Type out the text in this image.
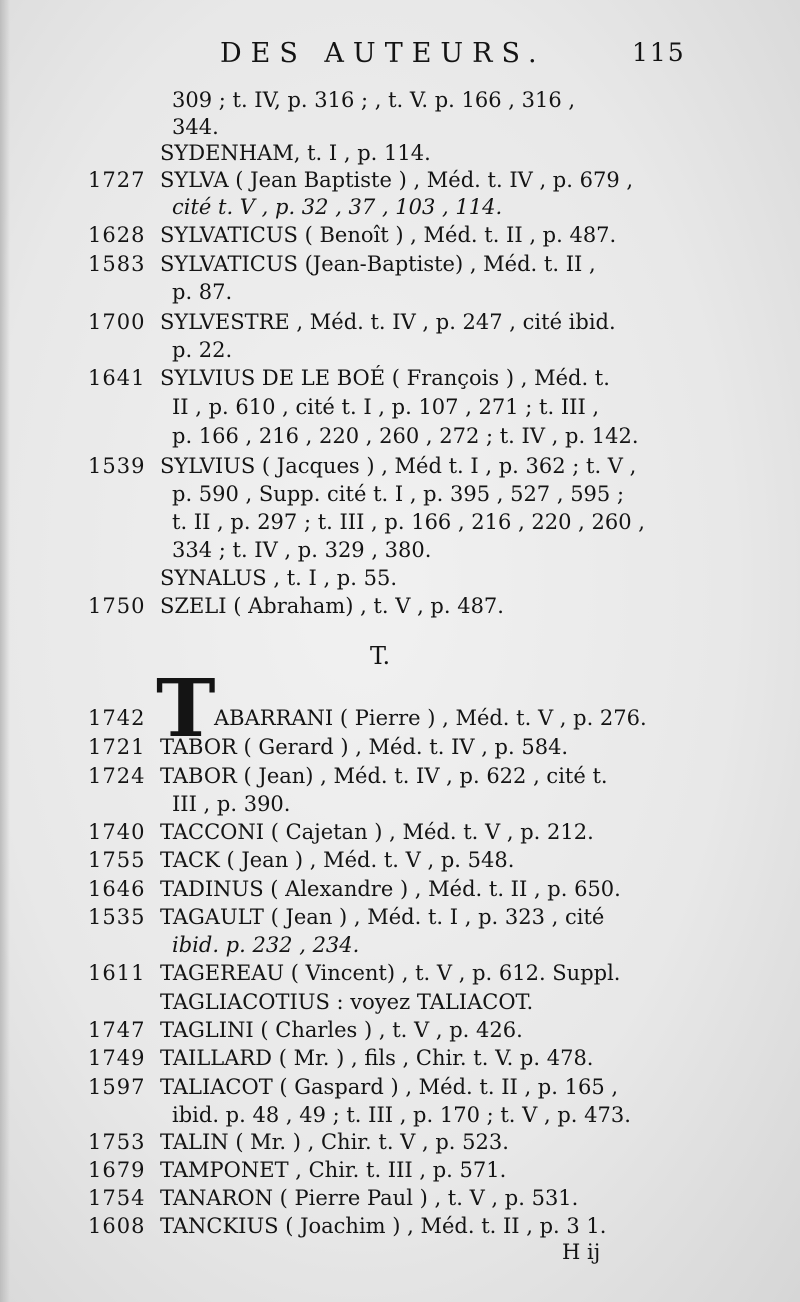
DES AUTEURS.	115
309 ; t. IV, p. 316 ; , t. V. p. 166 , 316 ,
344.
SYDENHAM, t. I , p. 114.
1727 SYLVA ( Jean Baptiste ) , Méd. t. IV , p. 679 ,
cité t. V , p. 32 , 37 , 103 , 114.
1628 SYLVATICUS ( Benoît ) , Méd. t. II , p. 487.
1583 SYLVATICUS (Jean-Baptiste) , Méd. t. II ,
p. 87.
1700 SYLVESTRE , Méd. t. IV , p. 247 , cité ibid.
p. 22.
1641 SYLVIUS DE LE BOÉ ( François ) , Méd. t.
II , p. 610 , cité t. I , p. 107 , 271 ; t. III ,
p. 166 , 216 , 220 , 260 , 272 ; t. IV , p. 142.
1539 SYLVIUS ( Jacques ) , Méd t. I , p. 362 ; t. V ,
p. 590 , Supp. cité t. I , p. 395 , 527 , 595 ;
t. II , p. 297 ; t. III , p. 166 , 216 , 220 , 260 ,
334 ; t. IV , p. 329 , 380.
SYNALUS , t. I , p. 55.
1750 SZELI ( Abraham) , t. V , p. 487.
T.
T
1742	ABARRANI ( Pierre ) , Méd. t. V , p. 276.
1721 TABOR ( Gerard ) , Méd. t. IV , p. 584.
1724 TABOR ( Jean) , Méd. t. IV , p. 622 , cité t.
III , p. 390.
1740 TACCONI ( Cajetan ) , Méd. t. V , p. 212.
1755 TACK ( Jean ) , Méd. t. V , p. 548.
1646 TADINUS ( Alexandre ) , Méd. t. II , p. 650.
1535 TAGAULT ( Jean ) , Méd. t. I , p. 323 , cité
ibid. p. 232 , 234.
1611 TAGEREAU ( Vincent) , t. V , p. 612. Suppl.
TAGLIACOTIUS : voyez TALIACOT.
1747 TAGLINI ( Charles ) , t. V , p. 426.
1749 TAILLARD ( Mr. ) , fils , Chir. t. V. p. 478.
1597 TALIACOT ( Gaspard ) , Méd. t. II , p. 165 ,
ibid. p. 48 , 49 ; t. III , p. 170 ; t. V , p. 473.
1753 TALIN ( Mr. ) , Chir. t. V , p. 523.
1679 TAMPONET , Chir. t. III , p. 571.
1754 TANARON ( Pierre Paul ) , t. V , p. 531.
1608 TANCKIUS ( Joachim ) , Méd. t. II , p. 3 1.
H ij
